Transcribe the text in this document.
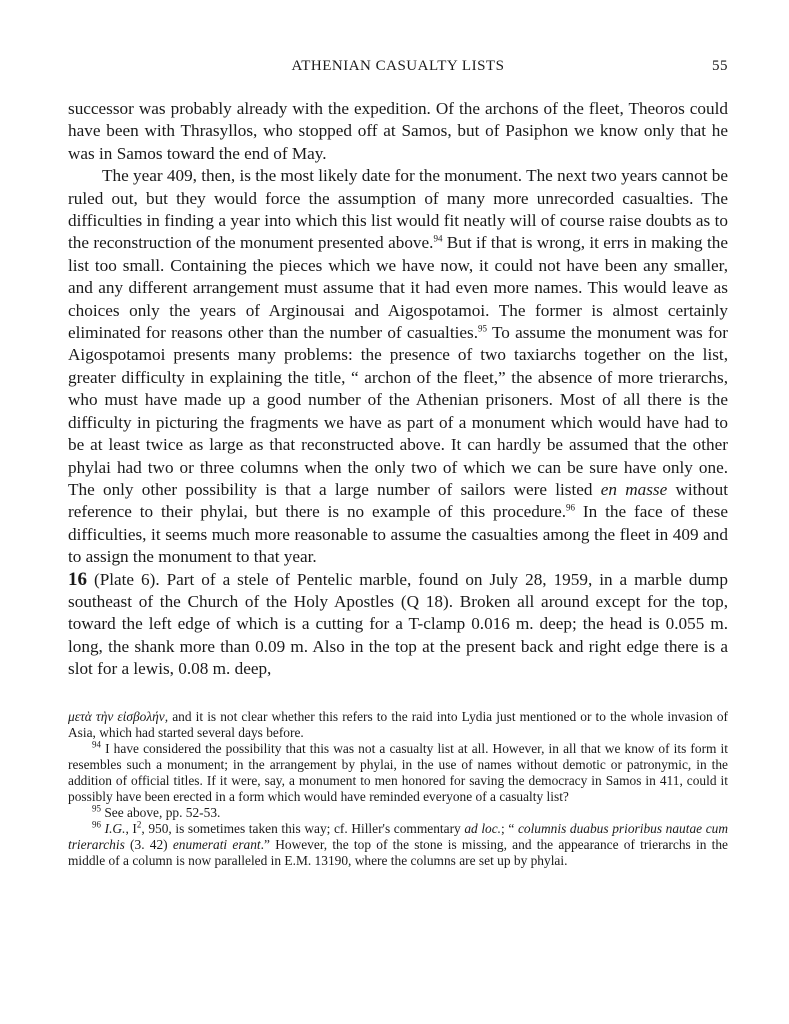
ATHENIAN CASUALTY LISTS	55

successor was probably already with the expedition. Of the archons of the fleet, Theoros could have been with Thrasyllos, who stopped off at Samos, but of Pasiphon we know only that he was in Samos toward the end of May.

The year 409, then, is the most likely date for the monument. The next two years cannot be ruled out, but they would force the assumption of many more unrecorded casualties. The difficulties in finding a year into which this list would fit neatly will of course raise doubts as to the reconstruction of the monument presented above.$^{94}$ But if that is wrong, it errs in making the list too small. Containing the pieces which we have now, it could not have been any smaller, and any different arrangement must assume that it had even more names. This would leave as choices only the years of Arginousai and Aigospotamoi. The former is almost certainly eliminated for reasons other than the number of casualties.$^{95}$ To assume the monument was for Aigospotamoi presents many problems: the presence of two taxiarchs together on the list, greater difficulty in explaining the title, “ archon of the fleet,” the absence of more trierarchs, who must have made up a good number of the Athenian prisoners. Most of all there is the difficulty in picturing the fragments we have as part of a monument which would have had to be at least twice as large as that reconstructed above. It can hardly be assumed that the other phylai had two or three columns when the only two of which we can be sure have only one. The only other possibility is that a large number of sailors were listed en masse without reference to their phylai, but there is no example of this procedure.$^{96}$ In the face of these difficulties, it seems much more reasonable to assume the casualties among the fleet in 409 and to assign the monument to that year.

16 (Plate 6). Part of a stele of Pentelic marble, found on July 28, 1959, in a marble dump southeast of the Church of the Holy Apostles (Q 18). Broken all around except for the top, toward the left edge of which is a cutting for a T-clamp 0.016 m. deep; the head is 0.055 m. long, the shank more than 0.09 m. Also in the top at the present back and right edge there is a slot for a lewis, 0.08 m. deep,

μετὰ τὴν εἰσβολήν, and it is not clear whether this refers to the raid into Lydia just mentioned or to the whole invasion of Asia, which had started several days before.

$^{94}$ I have considered the possibility that this was not a casualty list at all. However, in all that we know of its form it resembles such a monument; in the arrangement by phylai, in the use of names without demotic or patronymic, in the addition of official titles. If it were, say, a monument to men honored for saving the democracy in Samos in 411, could it possibly have been erected in a form which would have reminded everyone of a casualty list?

$^{95}$ See above, pp. 52-53.

$^{96}$ I.G., $I^2$, 950, is sometimes taken this way; cf. Hiller's commentary ad loc.; “ columnis duabus prioribus nautae cum trierarchis (3. 42) enumerati erant.” However, the top of the stone is missing, and the appearance of trierarchs in the middle of a column is now paralleled in E.M. 13190, where the columns are set up by phylai.
